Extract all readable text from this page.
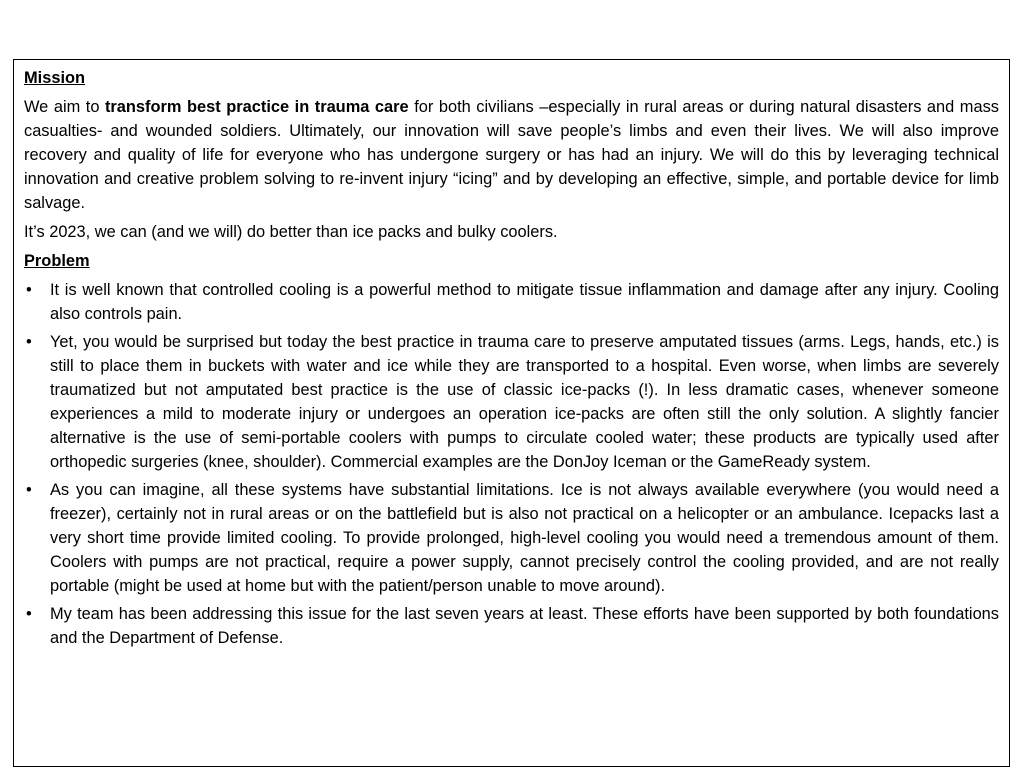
Mission

We aim to transform best practice in trauma care for both civilians –especially in rural areas or during natural disasters and mass casualties- and wounded soldiers. Ultimately, our innovation will save people’s limbs and even their lives. We will also improve recovery and quality of life for everyone who has undergone surgery or has had an injury. We will do this by leveraging technical innovation and creative problem solving to re-invent injury “icing” and by developing an effective, simple, and portable device for limb salvage.

It’s 2023, we can (and we will) do better than ice packs and bulky coolers.

Problem
• It is well known that controlled cooling is a powerful method to mitigate tissue inflammation and damage after any injury. Cooling also controls pain.
• Yet, you would be surprised but today the best practice in trauma care to preserve amputated tissues (arms. Legs, hands, etc.) is still to place them in buckets with water and ice while they are transported to a hospital. Even worse, when limbs are severely traumatized but not amputated best practice is the use of classic ice-packs (!). In less dramatic cases, whenever someone experiences a mild to moderate injury or undergoes an operation ice-packs are often still the only solution. A slightly fancier alternative is the use of semi-portable coolers with pumps to circulate cooled water; these products are typically used after orthopedic surgeries (knee, shoulder). Commercial examples are the DonJoy Iceman or the GameReady system.
• As you can imagine, all these systems have substantial limitations. Ice is not always available everywhere (you would need a freezer), certainly not in rural areas or on the battlefield but is also not practical on a helicopter or an ambulance. Icepacks last a very short time provide limited cooling. To provide prolonged, high-level cooling you would need a tremendous amount of them. Coolers with pumps are not practical, require a power supply, cannot precisely control the cooling provided, and are not really portable (might be used at home but with the patient/person unable to move around).
• My team has been addressing this issue for the last seven years at least. These efforts have been supported by both foundations and the Department of Defense.
